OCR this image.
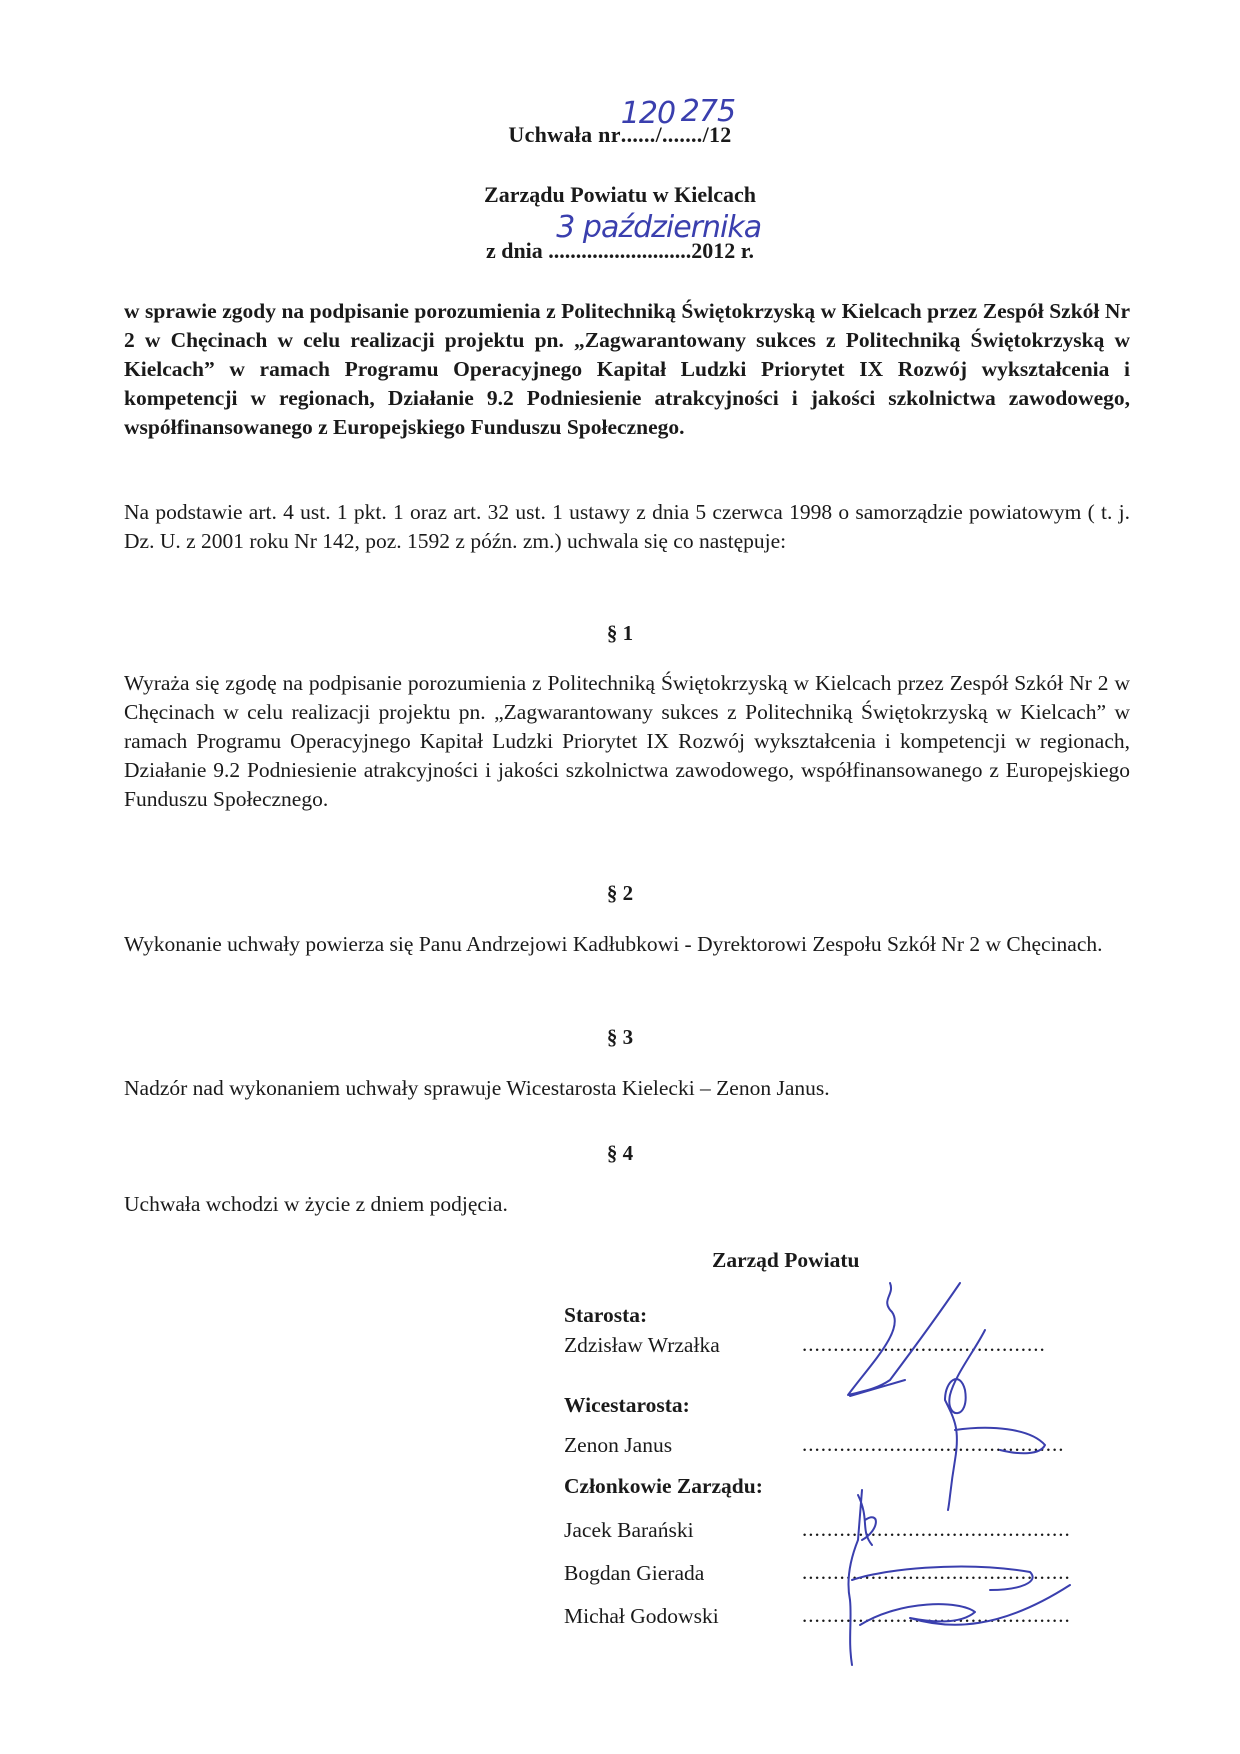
Uchwała nr....../.......
120 275
/12
Zarządu Powiatu w Kielcach
z dnia ..........................
3 października
2012 r.
w sprawie zgody na podpisanie porozumienia z Politechniką Świętokrzyską w Kielcach przez Zespół Szkół Nr 2 w Chęcinach w celu realizacji projektu pn. „Zagwarantowany sukces z Politechniką Świętokrzyską w Kielcach” w ramach Programu Operacyjnego Kapitał Ludzki Priorytet IX Rozwój wykształcenia i kompetencji w regionach, Działanie 9.2 Podniesienie atrakcyjności i jakości szkolnictwa zawodowego, współfinansowanego z Europejskiego Funduszu Społecznego.
Na podstawie art. 4 ust. 1 pkt. 1 oraz art. 32 ust. 1 ustawy z dnia 5 czerwca 1998 o samorządzie powiatowym ( t. j. Dz. U. z 2001 roku Nr 142, poz. 1592 z późn. zm.) uchwala się co następuje:
§ 1
Wyraża się zgodę na podpisanie porozumienia z Politechniką Świętokrzyską w Kielcach przez Zespół Szkół Nr 2 w Chęcinach w celu realizacji projektu pn. „Zagwarantowany sukces z Politechniką Świętokrzyską w Kielcach” w ramach Programu Operacyjnego Kapitał Ludzki Priorytet IX Rozwój wykształcenia i kompetencji w regionach, Działanie 9.2 Podniesienie atrakcyjności i jakości szkolnictwa zawodowego, współfinansowanego z Europejskiego Funduszu Społecznego.
§ 2
Wykonanie uchwały powierza się Panu Andrzejowi Kadłubkowi - Dyrektorowi Zespołu Szkół Nr 2 w Chęcinach.
§ 3
Nadzór nad wykonaniem uchwały sprawuje Wicestarosta Kielecki – Zenon Janus.
§ 4
Uchwała wchodzi w życie z dniem podjęcia.
Zarząd Powiatu
Starosta:
Zdzisław Wrzałka	.......................................
Wicestarosta:
Zenon Janus	..........................................
Członkowie Zarządu:
Jacek Barański	...........................................
Bogdan Gierada	...........................................
Michał Godowski	...........................................
